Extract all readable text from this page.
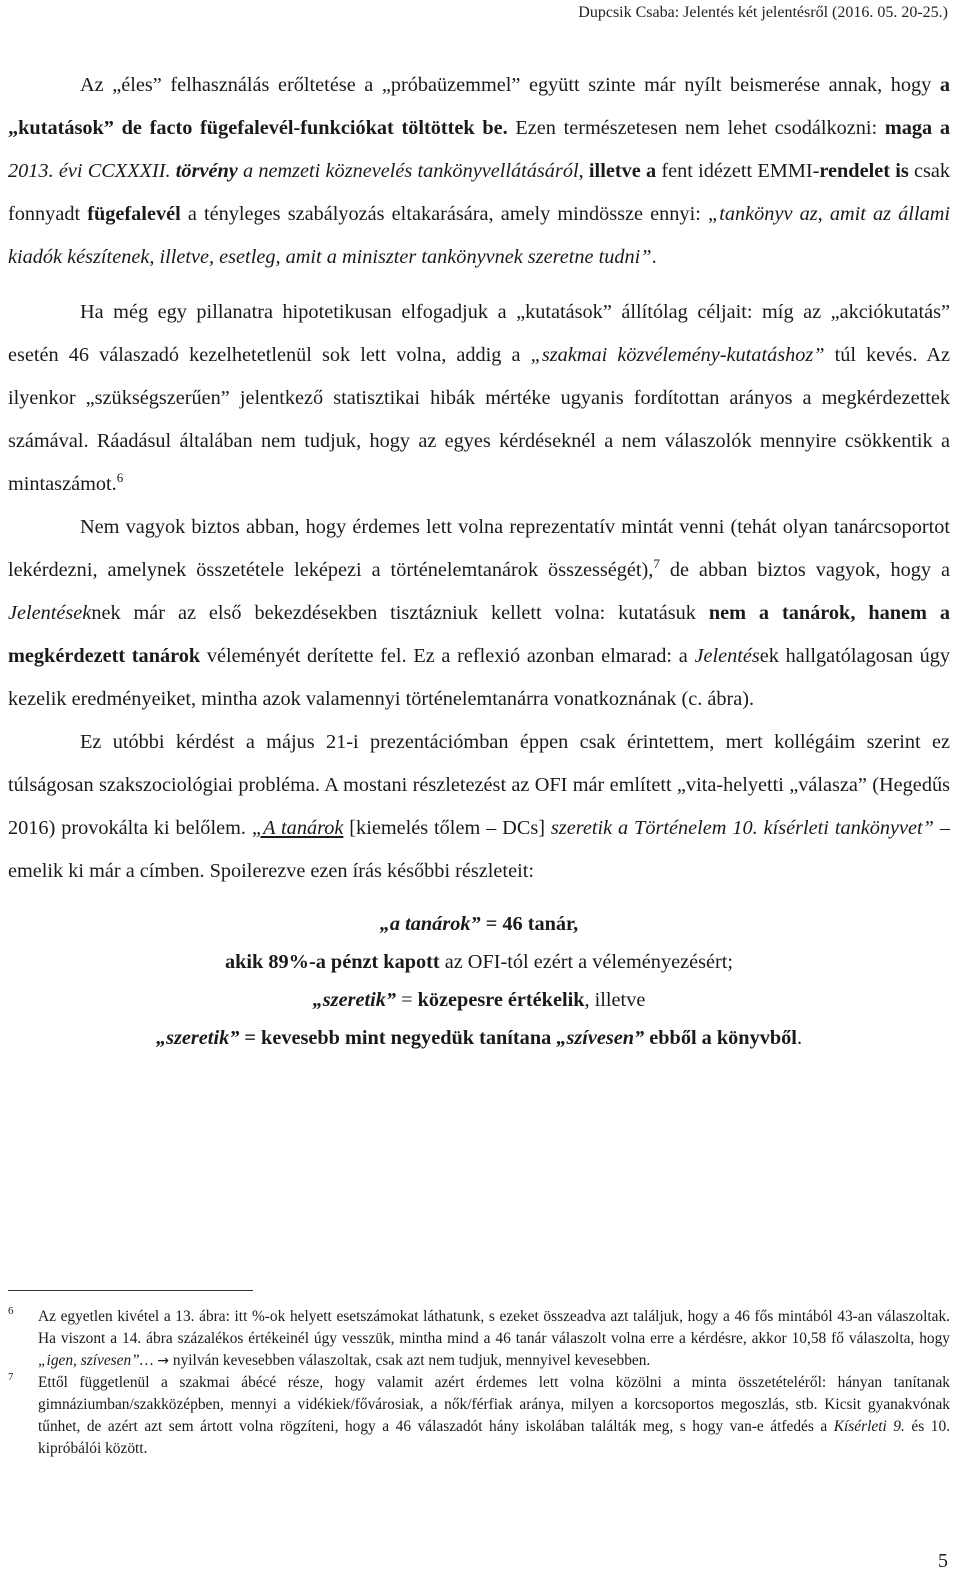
Dupcsik Csaba: Jelentés két jelentésről (2016. 05. 20-25.)

Az „éles” felhasználás erőltetése a „próbaüzemmel” együtt szinte már nyílt beismerése annak, hogy a „kutatások” de facto fügefalevél-funkciókat töltöttek be. Ezen természetesen nem lehet csodálkozni: maga a 2013. évi CCXXXII. törvény a nemzeti köznevelés tankönyvellátásáról, illetve a fent idézett EMMI-rendelet is csak fonnyadt fügefalevél a tényleges szabályozás eltakarására, amely mindössze ennyi: „tankönyv az, amit az állami kiadók készítenek, illetve, esetleg, amit a miniszter tankönyvnek szeretne tudni”.

Ha még egy pillanatra hipotetikusan elfogadjuk a „kutatások” állítólag céljait: míg az „akciókutatás” esetén 46 válaszadó kezelhetetlenül sok lett volna, addig a „szakmai közvélemény-kutatáshoz” túl kevés. Az ilyenkor „szükségszerűen” jelentkező statisztikai hibák mértéke ugyanis fordítottan arányos a megkérdezettek számával. Ráadásul általában nem tudjuk, hogy az egyes kérdéseknél a nem válaszolók mennyire csökkentik a mintaszámot.$^6$

Nem vagyok biztos abban, hogy érdemes lett volna reprezentatív mintát venni (tehát olyan tanárcsoportot lekérdezni, amelynek összetétele leképezi a történelemtanárok összességét),$^7$ de abban biztos vagyok, hogy a Jelentéseknek már az első bekezdésekben tisztázniuk kellett volna: kutatásuk nem a tanárok, hanem a megkérdezett tanárok véleményét derítette fel. Ez a reflexió azonban elmarad: a Jelentések hallgatólagosan úgy kezelik eredményeiket, mintha azok valamennyi történelemtanárra vonatkoznának (c. ábra).

Ez utóbbi kérdést a május 21-i prezentációmban éppen csak érintettem, mert kollégáim szerint ez túlságosan szakszociológiai probléma. A mostani részletezést az OFI már említett „vita-helyetti „válasza” (Hegedűs 2016) provokálta ki belőlem. „A tanárok [kiemelés tőlem – DCs] szeretik a Történelem 10. kísérleti tankönyvet” – emelik ki már a címben. Spoilerezve ezen írás későbbi részleteit:

„a tanárok” = 46 tanár,

akik 89%-a pénzt kapott az OFI-tól ezért a véleményezésért;

„szeretik” = közepesre értékelik, illetve

„szeretik” = kevesebb mint negyedük tanítana „szívesen” ebből a könyvből.

6 Az egyetlen kivétel a 13. ábra: itt %-ok helyett esetszámokat láthatunk, s ezeket összeadva azt találjuk, hogy a 46 fős mintából 43-an válaszoltak. Ha viszont a 14. ábra százalékos értékeinél úgy vesszük, mintha mind a 46 tanár válaszolt volna erre a kérdésre, akkor 10,58 fő válaszolta, hogy „igen, szívesen”… → nyilván kevesebben válaszoltak, csak azt nem tudjuk, mennyivel kevesebben.

7 Ettől függetlenül a szakmai ábécé része, hogy valamit azért érdemes lett volna közölni a minta összetételéről: hányan tanítanak gimnáziumban/szakközépben, mennyi a vidékiek/fővárosiak, a nők/férfiak aránya, milyen a korcsoportos megoszlás, stb. Kicsit gyanakvónak tűnhet, de azért azt sem ártott volna rögzíteni, hogy a 46 válaszadót hány iskolában találták meg, s hogy van-e átfedés a Kísérleti 9. és 10. kipróbálói között.

5
